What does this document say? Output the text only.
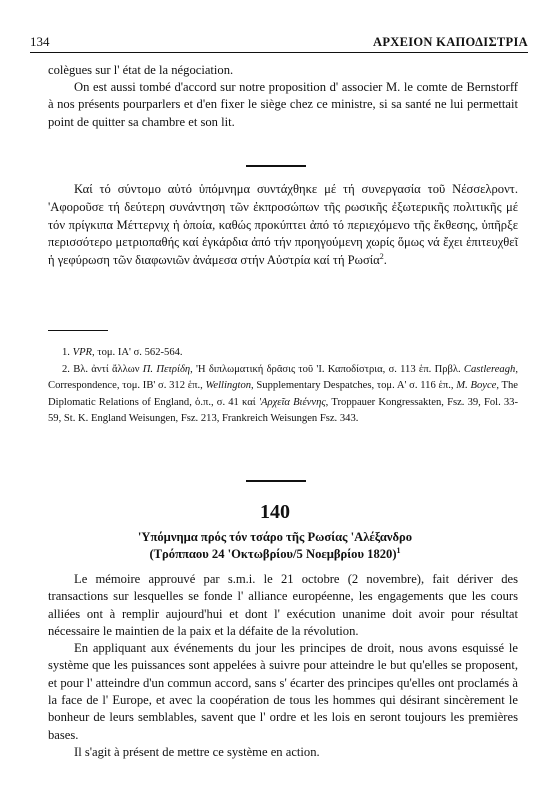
134	ΑΡΧΕΙΟΝ ΚΑΠΟΔΙΣΤΡΙΑ

colègues sur l' état de la négociation.

On est aussi tombé d'accord sur notre proposition d' associer M. le comte de Bernstorff à nos présents pourparlers et d'en fixer le siège chez ce ministre, si sa santé ne lui permettait point de quitter sa chambre et son lit.

Καί τό σύντομο αὐτό ὑπόμνημα συντάχθηκε μέ τή συνεργασία τοῦ Νέσσελροντ. 'Αφοροῦσε τή δεύτερη συνάντηση τῶν ἐκπροσώπων τῆς ρωσικῆς ἐξωτερικῆς πολιτικῆς μέ τόν πρίγκιπα Μέττερνιχ ἡ ὁποία, καθώς προκύπτει ἀπό τό περιεχόμενο τῆς ἔκθεσης, ὑπῆρξε περισσότερο μετριοπαθής καί ἐγκάρδια ἀπό τήν προηγούμενη χωρίς ὅμως νά ἔχει ἐπιτευχθεῖ ἡ γεφύρωση τῶν διαφωνιῶν ἀνάμεσα στήν Αὐστρία καί τή Ρωσία$^2$.

1. VPR, τομ. ΙΑ' σ. 562-564.

2. Βλ. ἀντί ἄλλων Π. Πετρίδη, 'Η διπλωματική δρᾶσις τοῦ 'Ι. Καποδίστρια, σ. 113 ἑπ. Πρβλ. Castlereagh, Correspondence, τομ. ΙΒ' σ. 312 ἑπ., Wellington, Supplementary Despatches, τομ. Α' σ. 116 ἑπ., M. Boyce, The Diplomatic Relations of England, ὁ.π., σ. 41 καί 'Αρχεῖα Βιέννης, Troppauer Kongressakten, Fsz. 39, Fol. 33-59, St. K. England Weisungen, Fsz. 213, Frankreich Weisungen Fsz. 343.

140
'Υπόμνημα πρός τόν τσάρο τῆς Ρωσίας 'Αλέξανδρο
(Τρόππαου 24 'Οκτωβρίου/5 Νοεμβρίου 1820)$^1$

Le mémoire approuvé par s.m.i. le 21 octobre (2 novembre), fait dériver des transactions sur lesquelles se fonde l' alliance européenne, les engagements que les cours alliées ont à remplir aujourd'hui et dont l' exécution unanime doit avoir pour résultat nécessaire le maintien de la paix et la défaite de la révolution.

En appliquant aux événements du jour les principes de droit, nous avons esquissé le système que les puissances sont appelées à suivre pour atteindre le but qu'elles se proposent, et pour l' atteindre d'un commun accord, sans s' écarter des principes qu'elles ont proclamés à la face de l' Europe, et avec la coopération de tous les hommes qui désirant sincèrement le bonheur de leurs semblables, savent que l' ordre et les lois en seront toujours les premières bases.

Il s'agit à présent de mettre ce système en action.
